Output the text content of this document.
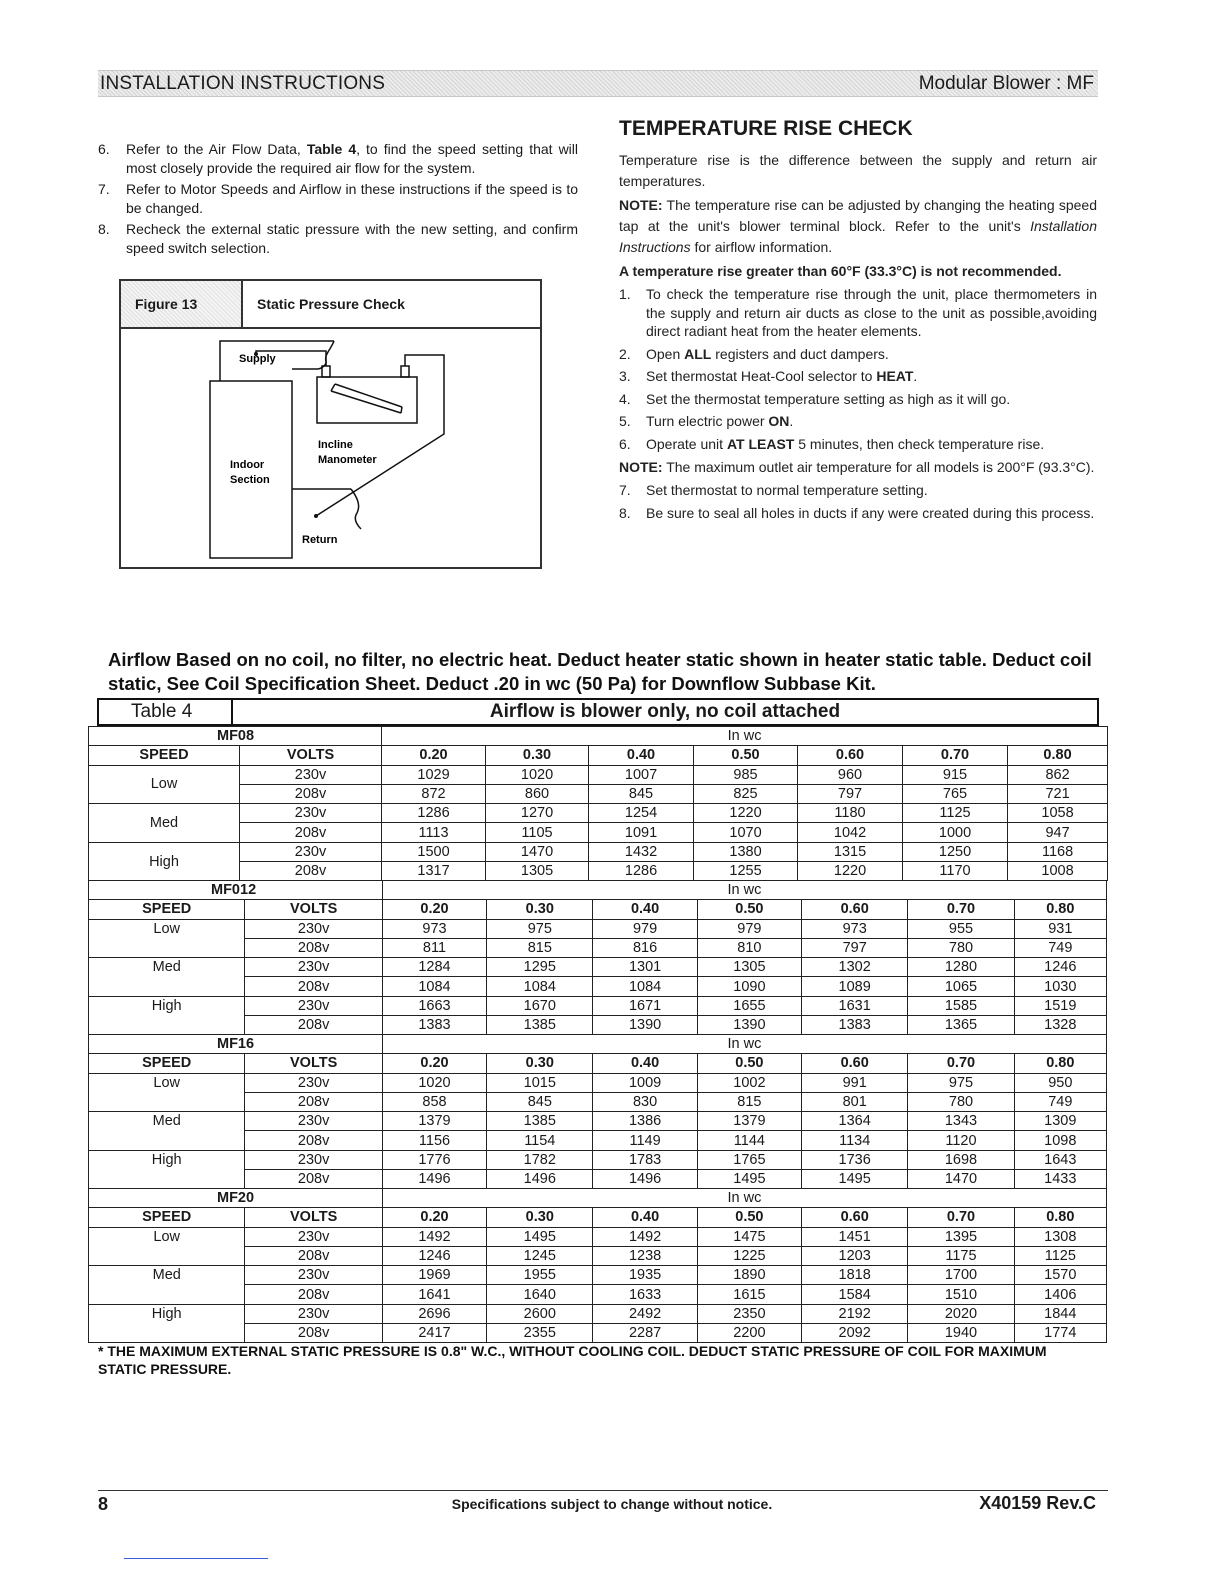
INSTALLATION INSTRUCTIONS	Modular Blower : MF
6. Refer to the Air Flow Data, Table 4, to find the speed setting that will most closely provide the required air flow for the system.
7. Refer to Motor Speeds and Airflow in these instructions if the speed is to be changed.
8. Recheck the external static pressure with the new setting, and confirm speed switch selection.
Figure 13	Static Pressure Check
Supply
Incline
Manometer
Indoor
Section
Return
TEMPERATURE RISE CHECK

Temperature rise is the difference between the supply and return air temperatures.

NOTE: The temperature rise can be adjusted by changing the heating speed tap at the unit's blower terminal block. Refer to the unit's Installation Instructions for airflow information.

A temperature rise greater than 60°F (33.3°C) is not recommended.

1. To check the temperature rise through the unit, place thermometers in the supply and return air ducts as close to the unit as possible,avoiding direct radiant heat from the heater elements.
2. Open ALL registers and duct dampers.
3. Set thermostat Heat-Cool selector to HEAT.
4. Set the thermostat temperature setting as high as it will go.
5. Turn electric power ON.
6. Operate unit AT LEAST 5 minutes, then check temperature rise.

NOTE: The maximum outlet air temperature for all models is 200°F (93.3°C).

7. Set thermostat to normal temperature setting.
8. Be sure to seal all holes in ducts if any were created during this process.
Airflow Based on no coil, no filter, no electric heat. Deduct heater static shown in heater static table. Deduct coil static, See Coil Specification Sheet. Deduct .20 in wc (50 Pa) for Downflow Subbase Kit.
Table 4	Airflow is blower only, no coil attached
MF08		In wc						
SPEED	VOLTS	0.20	0.30	0.40	0.50	0.60	0.70	0.80
Low	230v	1029	1020	1007	985	960	915	862
	208v	872	860	845	825	797	765	721
Med	230v	1286	1270	1254	1220	1180	1125	1058
	208v	1113	1105	1091	1070	1042	1000	947
High	230v	1500	1470	1432	1380	1315	1250	1168
	208v	1317	1305	1286	1255	1220	1170	1008
MF012		In wc						
SPEED	VOLTS	0.20	0.30	0.40	0.50	0.60	0.70	0.80
Low	230v	973	975	979	979	973	955	931
	208v	811	815	816	810	797	780	749
Med	230v	1284	1295	1301	1305	1302	1280	1246
	208v	1084	1084	1084	1090	1089	1065	1030
High	230v	1663	1670	1671	1655	1631	1585	1519
	208v	1383	1385	1390	1390	1383	1365	1328
MF16		In wc						
SPEED	VOLTS	0.20	0.30	0.40	0.50	0.60	0.70	0.80
Low	230v	1020	1015	1009	1002	991	975	950
	208v	858	845	830	815	801	780	749
Med	230v	1379	1385	1386	1379	1364	1343	1309
	208v	1156	1154	1149	1144	1134	1120	1098
High	230v	1776	1782	1783	1765	1736	1698	1643
	208v	1496	1496	1496	1495	1495	1470	1433
MF20		In wc						
SPEED	VOLTS	0.20	0.30	0.40	0.50	0.60	0.70	0.80
Low	230v	1492	1495	1492	1475	1451	1395	1308
	208v	1246	1245	1238	1225	1203	1175	1125
Med	230v	1969	1955	1935	1890	1818	1700	1570
	208v	1641	1640	1633	1615	1584	1510	1406
High	230v	2696	2600	2492	2350	2192	2020	1844
	208v	2417	2355	2287	2200	2092	1940	1774
* THE MAXIMUM EXTERNAL STATIC PRESSURE IS 0.8" W.C., WITHOUT COOLING COIL. DEDUCT STATIC PRESSURE OF COIL FOR MAXIMUM STATIC PRESSURE.
8	Specifications subject to change without notice.	X40159 Rev.C
